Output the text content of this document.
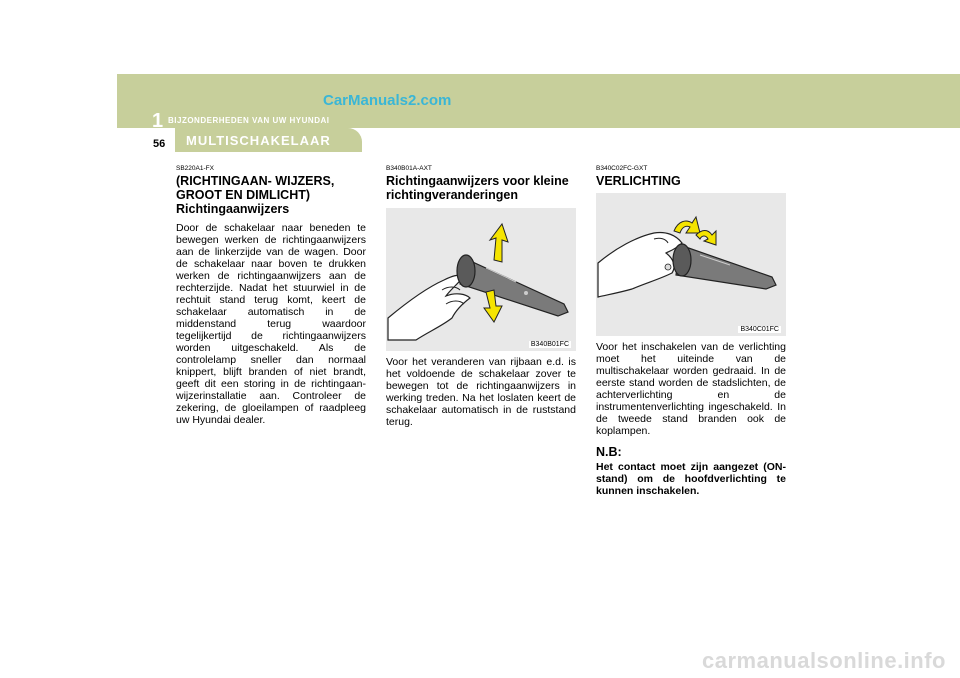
1 BIJZONDERHEDEN VAN UW HYUNDAI
CarManuals2.com
56 MULTISCHAKELAAR

SB220A1-FX

(RICHTINGAAN- WIJZERS, GROOT EN DIMLICHT) Richtingaanwijzers

Door de schakelaar naar beneden te bewegen werken de richtingaanwijzers aan de linkerzijde van de wagen. Door de schakelaar naar boven te drukken werken de richtingaanwijzers aan de rechterzijde. Nadat het stuurwiel in de rechtuit stand terug komt, keert de schakelaar automatisch in de middenstand terug waardoor tegelijkertijd de richtingaanwijzers worden uitgeschakeld. Als de controlelamp sneller dan normaal knippert, blijft branden of niet brandt, geeft dit een storing in de richtingaan-wijzerinstallatie aan. Controleer de zekering, de gloeilampen of raadpleeg uw Hyundai dealer.

B340B01A-AXT

Richtingaanwijzers voor kleine richtingveranderingen

B340B01FC

Voor het veranderen van rijbaan e.d. is het voldoende de schakelaar zover te bewegen tot de richtingaanwijzers in werking treden. Na het loslaten keert de schakelaar automatisch in de ruststand terug.

B340C02FC-GXT

VERLICHTING

B340C01FC

Voor het inschakelen van de verlichting moet het uiteinde van de multischakelaar worden gedraaid. In de eerste stand worden de stadslichten, de achterverlichting en de instrumentenverlichting ingeschakeld. In de tweede stand branden ook de koplampen.

N.B:

Het contact moet zijn aangezet (ON-stand) om de hoofdverlichting te kunnen inschakelen.

carmanualsonline.info
